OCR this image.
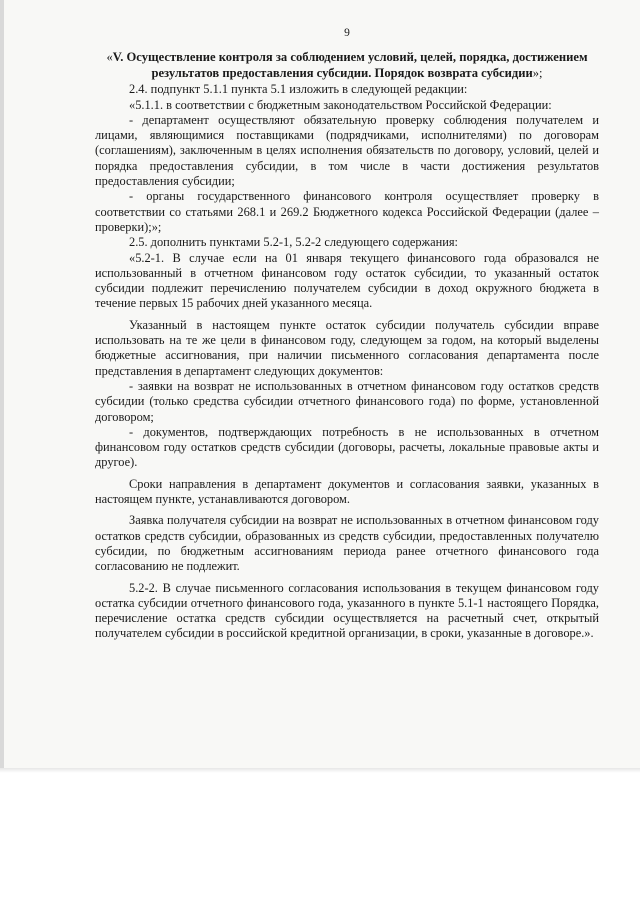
9
«V. Осуществление контроля за соблюдением условий, целей, порядка, достижением результатов предоставления субсидии. Порядок возврата субсидии»;

2.4. подпункт 5.1.1 пункта 5.1 изложить в следующей редакции:

«5.1.1. в соответствии с бюджетным законодательством Российской Федерации:

- департамент осуществляют обязательную проверку соблюдения получателем и лицами, являющимися поставщиками (подрядчиками, исполнителями) по договорам (соглашениям), заключенным в целях исполнения обязательств по договору, условий, целей и порядка предоставления субсидии, в том числе в части достижения результатов предоставления субсидии;

- органы государственного финансового контроля осуществляет проверку в соответствии со статьями 268.1 и 269.2 Бюджетного кодекса Российской Федерации (далее – проверки);»;

2.5. дополнить пунктами 5.2-1, 5.2-2 следующего содержания:

«5.2-1. В случае если на 01 января текущего финансового года образовался не использованный в отчетном финансовом году остаток субсидии, то указанный остаток субсидии подлежит перечислению получателем субсидии в доход окружного бюджета в течение первых 15 рабочих дней указанного месяца.

Указанный в настоящем пункте остаток субсидии получатель субсидии вправе использовать на те же цели в финансовом году, следующем за годом, на который выделены бюджетные ассигнования, при наличии письменного согласования департамента после представления в департамент следующих документов:

- заявки на возврат не использованных в отчетном финансовом году остатков средств субсидии (только средства субсидии отчетного финансового года) по форме, установленной договором;

- документов, подтверждающих потребность в не использованных в отчетном финансовом году остатков средств субсидии (договоры, расчеты, локальные правовые акты и другое).

Сроки направления в департамент документов и согласования заявки, указанных в настоящем пункте, устанавливаются договором.

Заявка получателя субсидии на возврат не использованных в отчетном финансовом году остатков средств субсидии, образованных из средств субсидии, предоставленных получателю субсидии, по бюджетным ассигнованиям периода ранее отчетного финансового года согласованию не подлежит.

5.2-2. В случае письменного согласования использования в текущем финансовом году остатка субсидии отчетного финансового года, указанного в пункте 5.1-1 настоящего Порядка, перечисление остатка средств субсидии осуществляется на расчетный счет, открытый получателем субсидии в российской кредитной организации, в сроки, указанные в договоре.».
